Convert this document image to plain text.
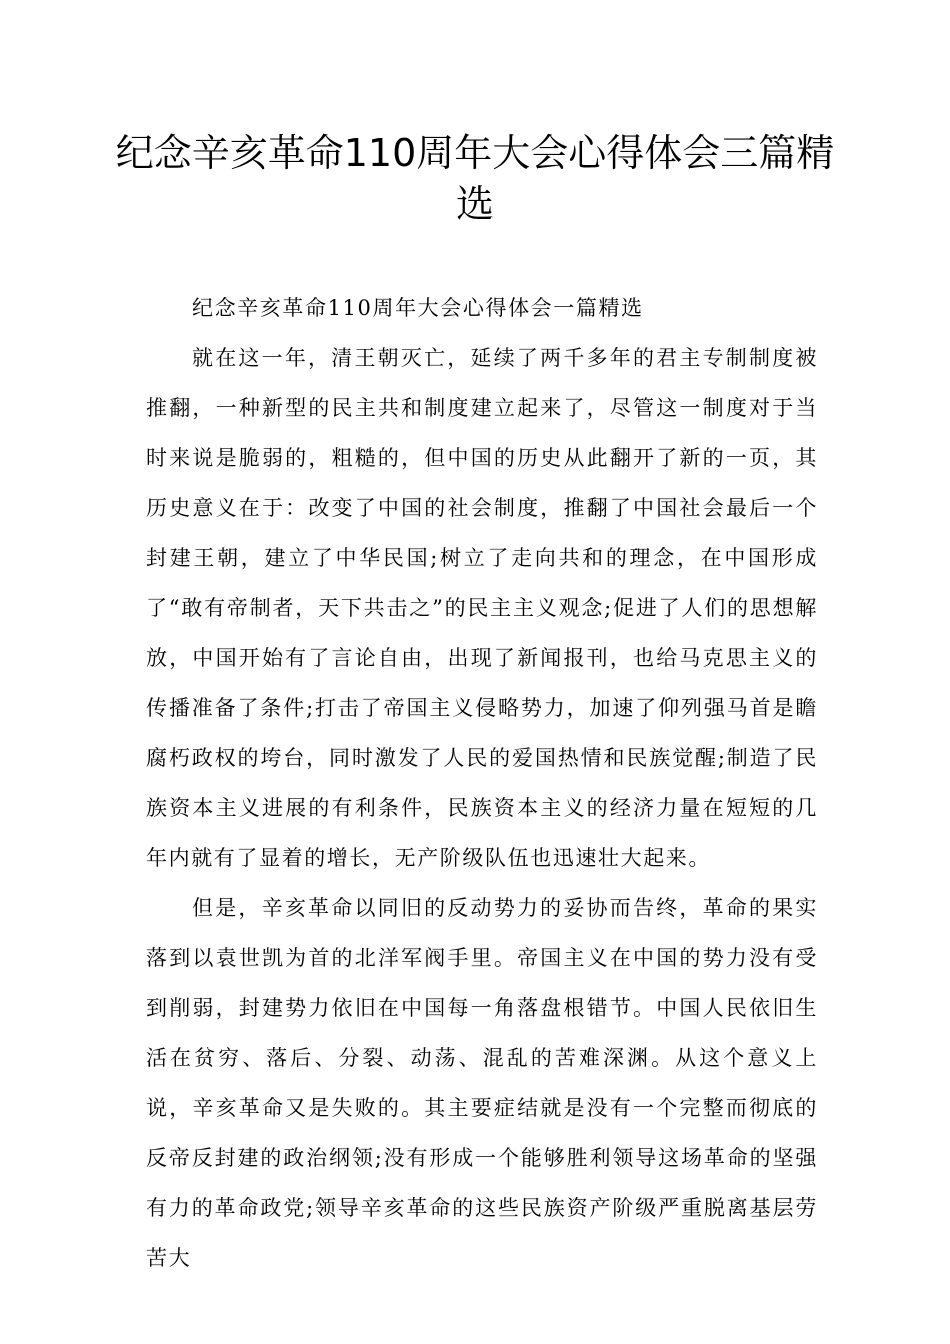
纪念辛亥革命110周年大会心得体会三篇精选

纪念辛亥革命110周年大会心得体会一篇精选

就在这一年，清王朝灭亡，延续了两千多年的君主专制制度被推翻，一种新型的民主共和制度建立起来了，尽管这一制度对于当时来说是脆弱的，粗糙的，但中国的历史从此翻开了新的一页，其历史意义在于：改变了中国的社会制度，推翻了中国社会最后一个封建王朝，建立了中华民国;树立了走向共和的理念，在中国形成了“敢有帝制者，天下共击之”的民主主义观念;促进了人们的思想解放，中国开始有了言论自由，出现了新闻报刊，也给马克思主义的传播准备了条件;打击了帝国主义侵略势力，加速了仰列强马首是瞻腐朽政权的垮台，同时激发了人民的爱国热情和民族觉醒;制造了民族资本主义进展的有利条件，民族资本主义的经济力量在短短的几年内就有了显着的增长，无产阶级队伍也迅速壮大起来。

但是，辛亥革命以同旧的反动势力的妥协而告终，革命的果实落到以袁世凯为首的北洋军阀手里。帝国主义在中国的势力没有受到削弱，封建势力依旧在中国每一角落盘根错节。中国人民依旧生活在贫穷、落后、分裂、动荡、混乱的苦难深渊。从这个意义上说，辛亥革命又是失败的。其主要症结就是没有一个完整而彻底的反帝反封建的政治纲领;没有形成一个能够胜利领导这场革命的坚强有力的革命政党;领导辛亥革命的这些民族资产阶级严重脱离基层劳苦大
